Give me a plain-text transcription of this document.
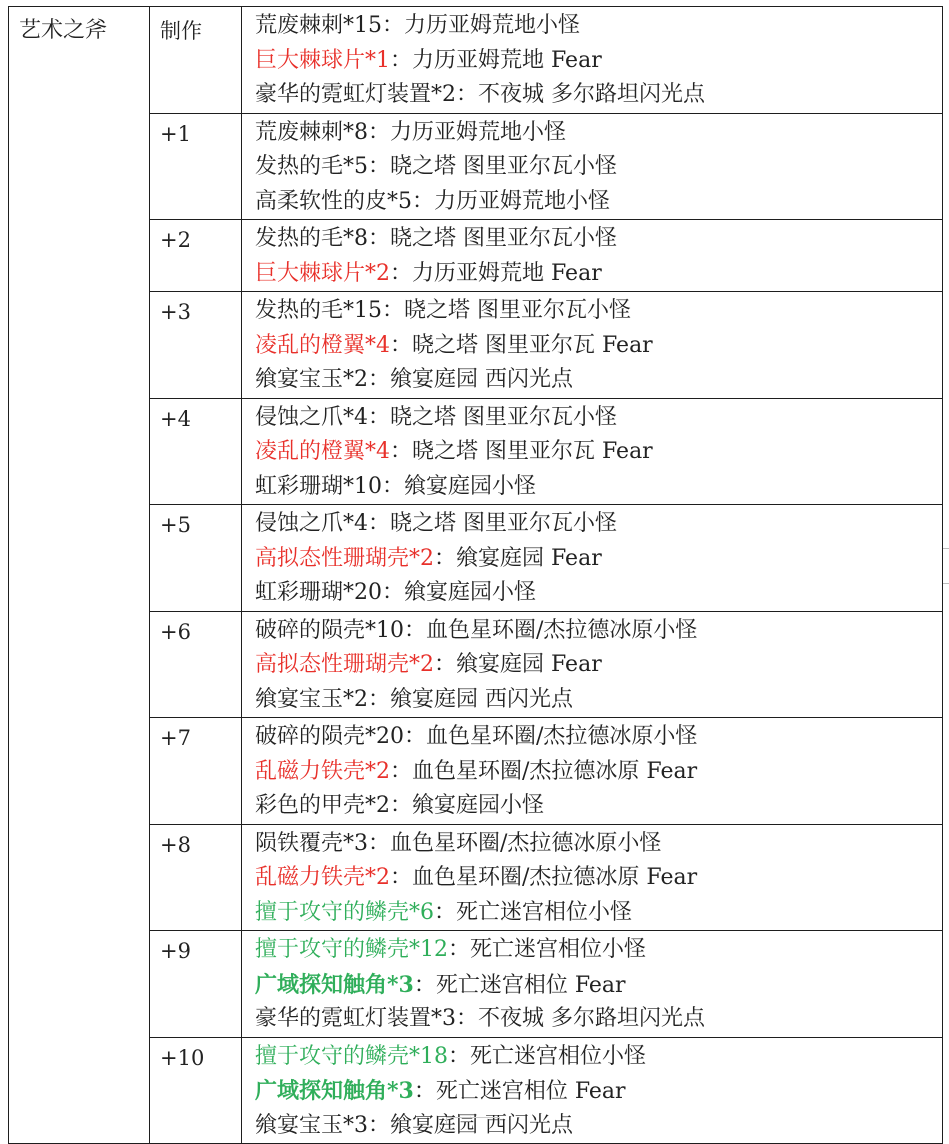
艺术之斧	制作	荒废棘刺*15：力历亚姆荒地小怪
巨大棘球片*1：力历亚姆荒地 Fear
豪华的霓虹灯装置*2：不夜城 多尔路坦闪光点

	+1	荒废棘刺*8：力历亚姆荒地小怪
发热的毛*5：晓之塔 图里亚尔瓦小怪
高柔软性的皮*5：力历亚姆荒地小怪

	+2	发热的毛*8：晓之塔 图里亚尔瓦小怪
巨大棘球片*2：力历亚姆荒地 Fear

	+3	发热的毛*15：晓之塔 图里亚尔瓦小怪
凌乱的橙翼*4：晓之塔 图里亚尔瓦 Fear
飨宴宝玉*2：飨宴庭园 西闪光点

	+4	侵蚀之爪*4：晓之塔 图里亚尔瓦小怪
凌乱的橙翼*4：晓之塔 图里亚尔瓦 Fear
虹彩珊瑚*10：飨宴庭园小怪

	+5	侵蚀之爪*4：晓之塔 图里亚尔瓦小怪
高拟态性珊瑚壳*2：飨宴庭园 Fear
虹彩珊瑚*20：飨宴庭园小怪

	+6	破碎的陨壳*10：血色星环圈/杰拉德冰原小怪
高拟态性珊瑚壳*2：飨宴庭园 Fear
飨宴宝玉*2：飨宴庭园 西闪光点

	+7	破碎的陨壳*20：血色星环圈/杰拉德冰原小怪
乱磁力铁壳*2：血色星环圈/杰拉德冰原 Fear
彩色的甲壳*2：飨宴庭园小怪

	+8	陨铁覆壳*3：血色星环圈/杰拉德冰原小怪
乱磁力铁壳*2：血色星环圈/杰拉德冰原 Fear
擅于攻守的鳞壳*6：死亡迷宫相位小怪

	+9	擅于攻守的鳞壳*12：死亡迷宫相位小怪
广域探知触角*3：死亡迷宫相位 Fear
豪华的霓虹灯装置*3：不夜城 多尔路坦闪光点

	+10	擅于攻守的鳞壳*18：死亡迷宫相位小怪
广域探知触角*3：死亡迷宫相位 Fear
飨宴宝玉*3：飨宴庭园 西闪光点
